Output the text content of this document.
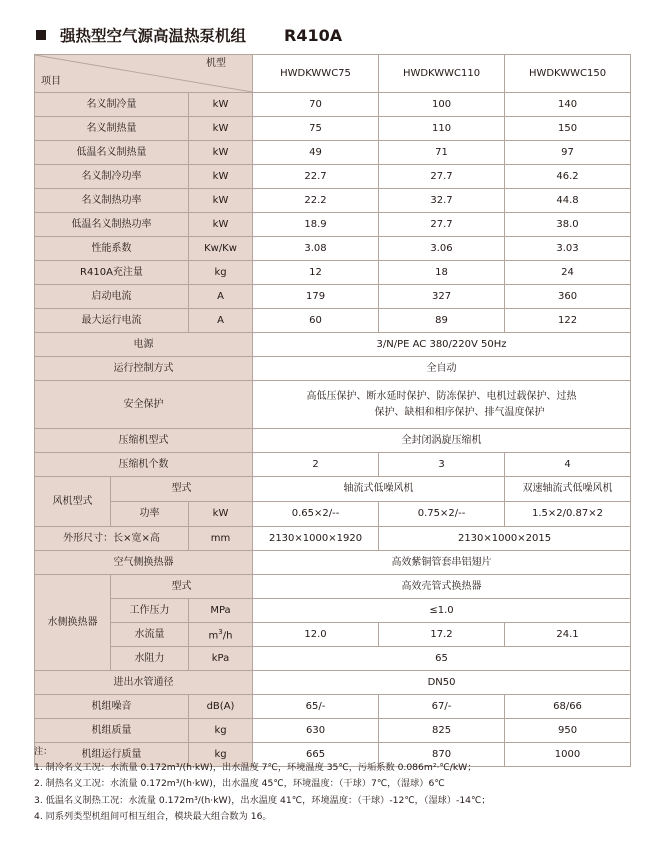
强热型空气源高温热泵机组 R410A
机型
项目			HWDKWWC75	HWDKWWC110	HWDKWWC150
名义制冷量		kW	70	100	140
名义制热量		kW	75	110	150
低温名义制热量		kW	49	71	97
名义制冷功率		kW	22.7	27.7	46.2
名义制热功率		kW	22.2	32.7	44.8
低温名义制热功率		kW	18.9	27.7	38.0
性能系数		Kw/Kw	3.08	3.06	3.03
R410A充注量		kg	12	18	24
启动电流		A	179	327	360
最大运行电流		A	60	89	122
电源			3/N/PE AC 380/220V 50Hz		
运行控制方式			全自动		
安全保护			高低压保护、断水延时保护、防冻保护、电机过载保护、过热
保护、缺相和相序保护、排气温度保护		

压缩机型式			全封闭涡旋压缩机		
压缩机个数			2	3	4
风机型式	型式		轴流式低噪风机		双速轴流式低噪风机
	功率	kW	0.65×2/--	0.75×2/--	1.5×2/0.87×2
外形尺寸：长×宽×高		mm	2130×1000×1920	2130×1000×2015	
空气侧换热器			高效紫铜管套串铝翅片		
水侧换热器	型式		高效壳管式换热器		
	工作压力	MPa	≤1.0		
	水流量	$m^3/h$	12.0	17.2	24.1
	水阻力	kPa	65		
进出水管通径			DN50		
机组噪音		dB(A)	65/-	67/-	68/66
机组质量		kg	630	825	950
机组运行质量		kg	665	870	1000
注：
1. 制冷名义工况：水流量 0.172m³/(h·kW)，出水温度 7℃，环境温度 35℃，污垢系数 0.086m²·℃/kW；
2. 制热名义工况：水流量 0.172m³/(h·kW)，出水温度 45℃，环境温度：（干球）7℃，（湿球）6℃
3. 低温名义制热工况：水流量 0.172m³/(h·kW)，出水温度 41℃，环境温度：（干球）-12℃，（湿球）-14℃；
4. 同系列类型机组间可相互组合，模块最大组合数为 16。
